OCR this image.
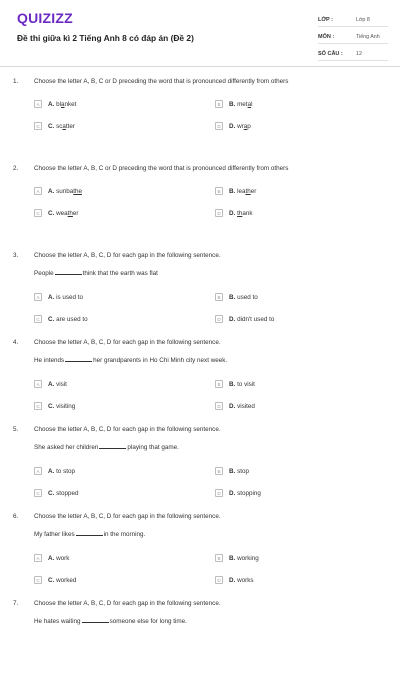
QUIZIZZ
Đề thi giữa kì 2 Tiếng Anh 8 có đáp án (Đề 2)
LỚP :	Lớp 8
MÔN :	Tiếng Anh
SỐ CÂU :	12
1. Choose the letter A, B, C or D preceding the word that is pronounced differently from others
A	A. blanket	B	B. metal
C	C. scatter	D	D. wrap
2. Choose the letter A, B, C or D preceding the word that is pronounced differently from others
A	A. sunbathe	B	B. leather
C	C. weather	D	D. thank
3. Choose the letter A, B, C, D for each gap in the following sentence.
People	think that the earth was flat
A	A. is used to	B	B. used to
C	C. are used to	D	D. didn't used to
4. Choose the letter A, B, C, D for each gap in the following sentence.
He intends	her grandparents in Ho Chi Minh city next week.
A	A. visit	B	B. to visit
C	C. visiting	D	D. visited
5. Choose the letter A, B, C, D for each gap in the following sentence.
She asked her children	playing that game.
A	A. to stop	B	B. stop
C	C. stopped	D	D. stopping
6. Choose the letter A, B, C, D for each gap in the following sentence.
My father likes	in the morning.
A	A. work	B	B. working
C	C. worked	D	D. works
7. Choose the letter A, B, C, D for each gap in the following sentence.
He hates waiting	someone else for long time.
